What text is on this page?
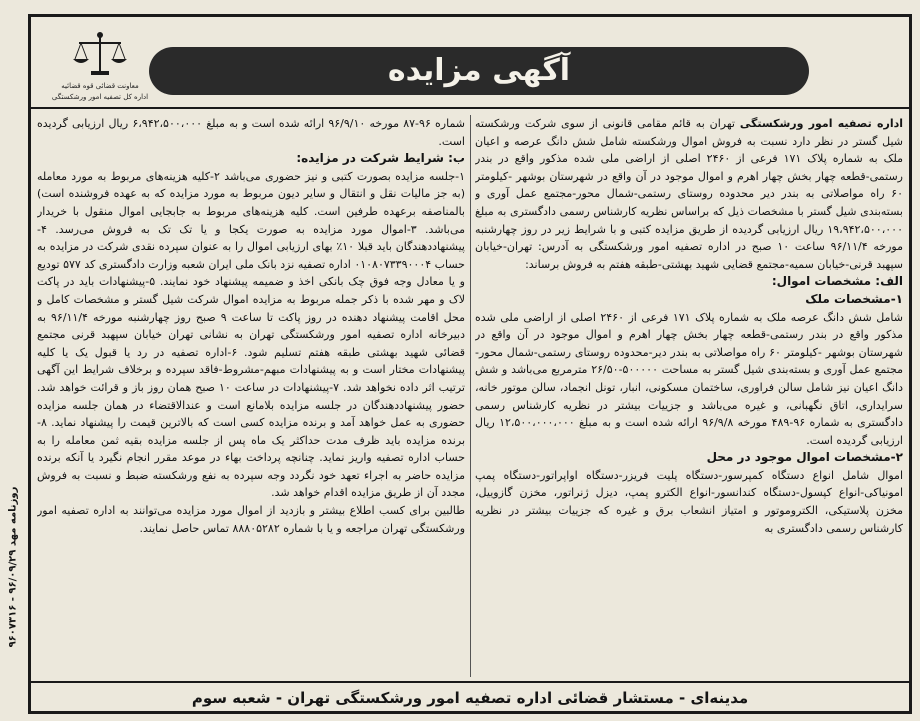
آگهی مزایده
معاونت قضائی قوه قضائیه
اداره کل تصفیه امور ورشکستگی

اداره تصفیه امور ورشکستگی تهران به قائم مقامی قانونی از سوی شرکت ورشکسته شیل گستر در نظر دارد نسبت به فروش اموال ورشکسته شامل شش دانگ عرصه و اعیان ملک به شماره پلاک ۱۷۱ فرعی از ۲۴۶۰ اصلی از اراضی ملی شده مذکور واقع در بندر رستمی-قطعه چهار بخش چهار اهرم و اموال موجود در آن واقع در شهرستان بوشهر -کیلومتر ۶۰ راه مواصلاتی به بندر دیر محدوده روستای رستمی-شمال محور-مجتمع عمل آوری و بسته‌بندی شیل گستر با مشخصات ذیل که براساس نظریه کارشناس رسمی دادگستری به مبلغ ۱۹،۹۴۲،۵۰۰،۰۰۰ ریال ارزیابی گردیده از طریق مزایده کتبی و با شرایط زیر در روز چهارشنبه مورخه ۹۶/۱۱/۴ ساعت ۱۰ صبح در اداره تصفیه امور ورشکستگی به آدرس: تهران-خیابان سپهبد قرنی-خیابان سمیه-مجتمع قضایی شهید بهشتی-طبقه هفتم به فروش برساند:

الف: مشخصات اموال:

۱-مشخصات ملک

شامل شش دانگ عرصه ملک به شماره پلاک ۱۷۱ فرعی از ۲۴۶۰ اصلی از اراضی ملی شده مذکور واقع در بندر رستمی-قطعه چهار بخش چهار اهرم و اموال موجود در آن واقع در شهرستان بوشهر -کیلومتر ۶۰ راه مواصلاتی به بندر دیر-محدوده روستای رستمی-شمال محور-مجتمع عمل آوری و بسته‌بندی شیل گستر به مساحت ۵۰۰۰۰۰-۲۶/۵۰ مترمربع می‌باشد و شش دانگ اعیان نیز شامل سالن فراوری، ساختمان مسکونی، انبار، تونل انجماد، سالن موتور خانه، سرایداری، اتاق نگهبانی، و غیره می‌باشد و جزییات بیشتر در نظریه کارشناس رسمی دادگستری به شماره ۹۶-۴۸۹ مورخه ۹۶/۹/۸ ارائه شده است و به مبلغ ۱۲،۵۰۰،۰۰۰،۰۰۰ ریال ارزیابی گردیده است.

۲-مشخصات اموال موجود در محل

اموال شامل انواع دستگاه کمپرسور-دستگاه پلیت فریزر-دستگاه اواپراتور-دستگاه پمپ امونیاکی-انواع کپسول-دستگاه کندانسور-انواع الکترو پمپ، دیزل ژنراتور، مخزن گازوییل، مخزن پلاستیکی، الکتروموتور و امتیاز انشعاب برق و غیره که جزییات بیشتر در نظریه کارشناس رسمی دادگستری به

شماره ۹۶-۸۷ مورخه ۹۶/۹/۱۰ ارائه شده است و به مبلغ ۶،۹۴۲،۵۰۰،۰۰۰ ریال ارزیابی گردیده است.

ب: شرایط شرکت در مزایده:

۱-جلسه مزایده بصورت کتبی و نیز حضوری می‌باشد ۲-کلیه هزینه‌های مربوط به مورد معامله (به جز مالیات نقل و انتقال و سایر دیون مربوط به مورد مزایده که به عهده فروشنده است) بالمناصفه برعهده طرفین است. کلیه هزینه‌های مربوط به جابجایی اموال منقول با خریدار می‌باشد. ۳-اموال مورد مزایده به صورت یکجا و یا تک تک به فروش می‌رسد. ۴-پیشنهاددهندگان باید قبلا ۱۰٪ بهای ارزیابی اموال را به عنوان سپرده نقدی شرکت در مزایده به حساب ۰۱۰۸۰۷۳۳۹۰۰۰۴ اداره تصفیه نزد بانک ملی ایران شعبه وزارت دادگستری کد ۵۷۷ تودیع و یا معادل وجه فوق چک بانکی اخذ و ضمیمه پیشنهاد خود نمایند. ۵-پیشنهادات باید در پاکت لاک و مهر شده با ذکر جمله مربوط به مزایده اموال شرکت شیل گستر و مشخصات کامل و محل اقامت پیشنهاد دهنده در روز پاکت تا ساعت ۹ صبح روز چهارشنبه مورخه ۹۶/۱۱/۴ به دبیرخانه اداره تصفیه امور ورشکستگی تهران به نشانی تهران خیابان سپهبد قرنی مجتمع قضائی شهید بهشتی طبقه هفتم تسلیم شود. ۶-اداره تصفیه در رد یا قبول یک یا کلیه پیشنهادات مختار است و به پیشنهادات مبهم-مشروط-فاقد سپرده و برخلاف شرایط این آگهی ترتیب اثر داده نخواهد شد. ۷-پیشنهادات در ساعت ۱۰ صبح همان روز باز و قرائت خواهد شد. حضور پیشنهاددهندگان در جلسه مزایده بلامانع است و عندالاقتضاء در همان جلسه مزایده حضوری به عمل خواهد آمد و برنده مزایده کسی است که بالاترین قیمت را پیشنهاد نماید. ۸-برنده مزایده باید ظرف مدت حداکثر یک ماه پس از جلسه مزایده بقیه ثمن معامله را به حساب اداره تصفیه واریز نماید. چنانچه پرداخت بهاء در موعد مقرر انجام نگیرد یا آنکه برنده مزایده حاضر به اجراء تعهد خود نگردد وجه سپرده به نفع ورشکسته ضبط و نسبت به فروش مجدد آن از طریق مزایده اقدام خواهد شد.

طالبین برای کسب اطلاع بیشتر و بازدید از اموال مورد مزایده می‌توانند به اداره تصفیه امور ورشکستگی تهران مراجعه و یا با شماره ۸۸۸۰۵۲۸۲ تماس حاصل نمایند.

مدینه‌ای - مستشار قضائی اداره تصفیه امور ورشکستگی تهران - شعبه سوم
روزنامه مهد ۹۶/۰۹/۲۹ - ۹۶۰۷۳۱۶
